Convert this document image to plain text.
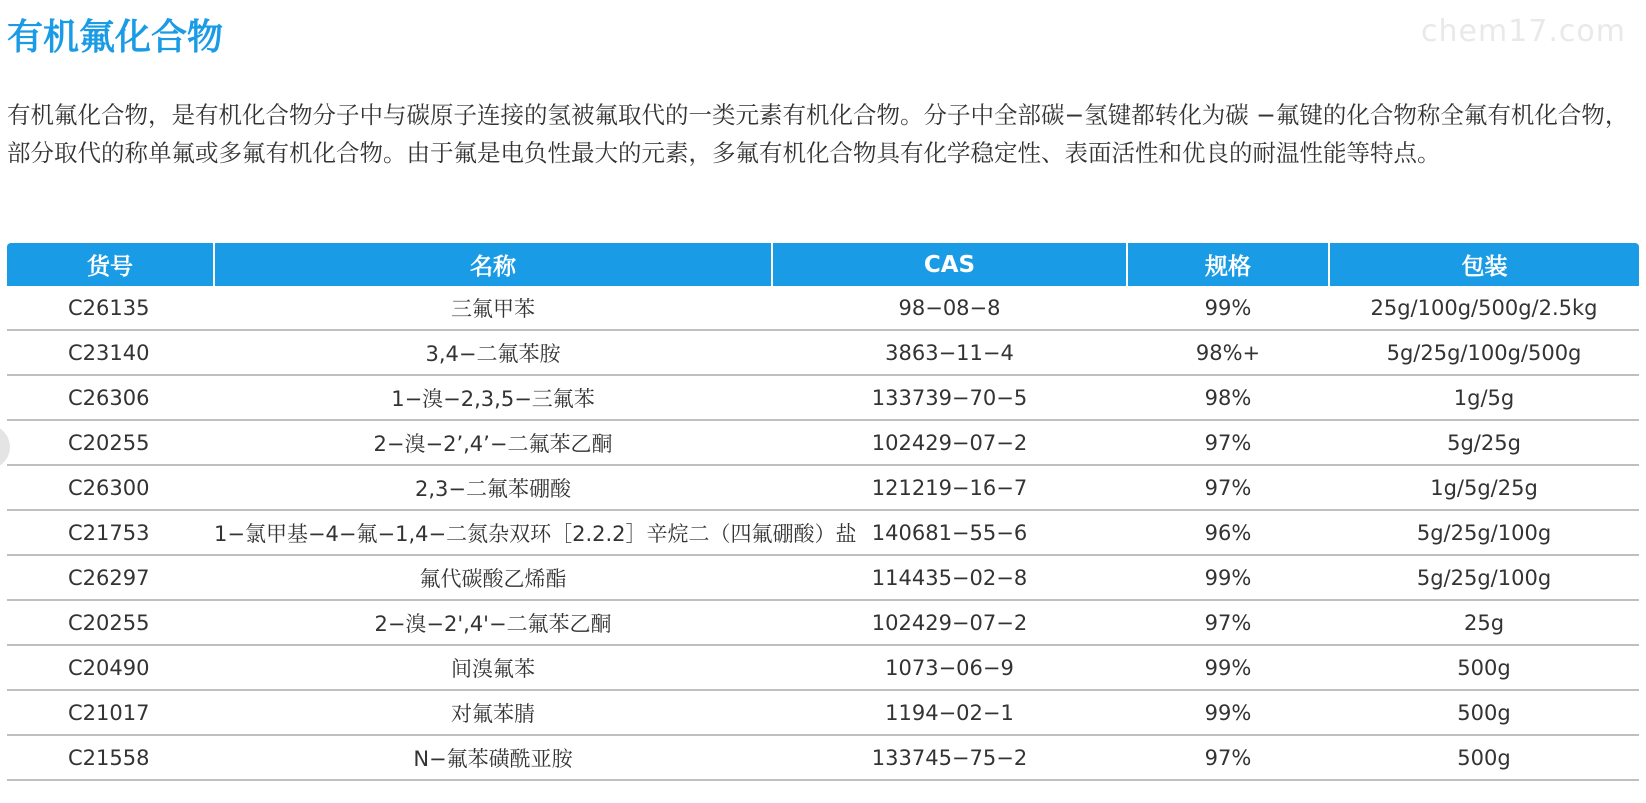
有机氟化合物	chem17.com

有机氟化合物，是有机化合物分子中与碳原子连接的氢被氟取代的一类元素有机化合物。分子中全部碳−氢键都转化为碳 −氟键的化合物称全氟有机化合物，部分取代的称单氟或多氟有机化合物。由于氟是电负性最大的元素，多氟有机化合物具有化学稳定性、表面活性和优良的耐温性能等特点。

货号	名称	CAS	规格	包装
C26135	三氟甲苯	98−08−8	99%	25g/100g/500g/2.5kg
C23140	3,4−二氟苯胺	3863−11−4	98%+	5g/25g/100g/500g
C26306	1−溴−2,3,5−三氟苯	133739−70−5	98%	1g/5g
C20255	2−溴−2’,4’−二氟苯乙酮	102429−07−2	97%	5g/25g
C26300	2,3−二氟苯硼酸	121219−16−7	97%	1g/5g/25g
C21753	1−氯甲基−4−氟−1,4−二氮杂双环［2.2.2］辛烷二（四氟硼酸）盐	140681−55−6	96%	5g/25g/100g
C26297	氟代碳酸乙烯酯	114435−02−8	99%	5g/25g/100g
C20255	2−溴−2',4'−二氟苯乙酮	102429−07−2	97%	25g
C20490	间溴氟苯	1073−06−9	99%	500g
C21017	对氟苯腈	1194−02−1	99%	500g
C21558	N−氟苯磺酰亚胺	133745−75−2	97%	500g
